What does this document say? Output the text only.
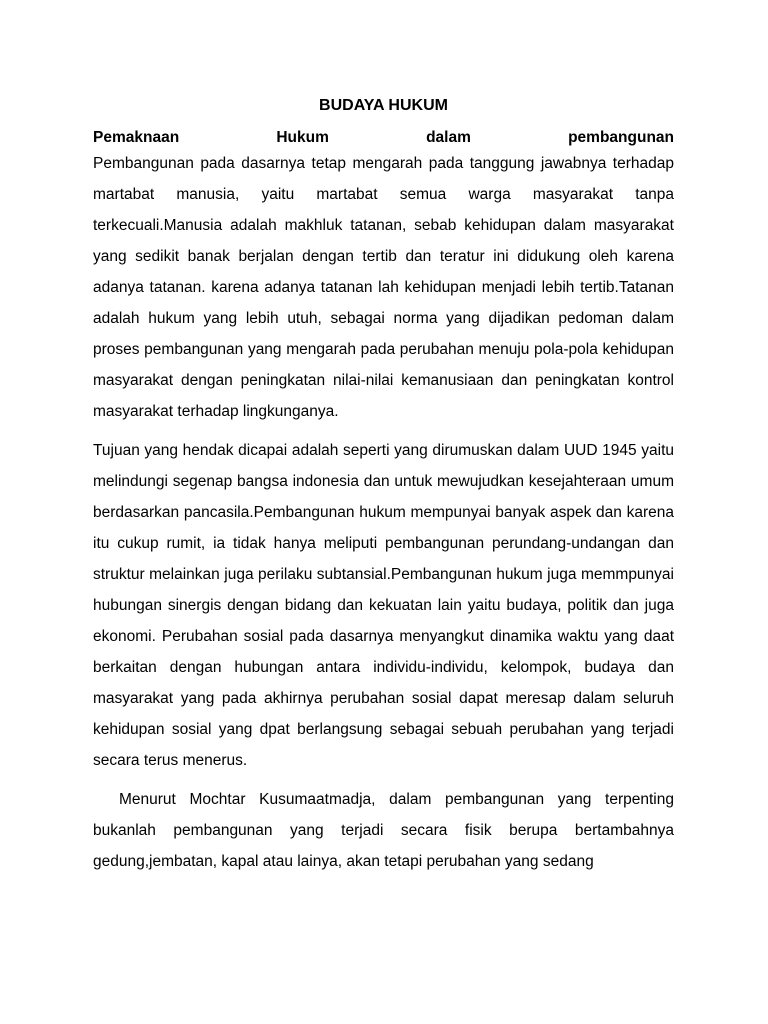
BUDAYA HUKUM

Pemaknaan Hukum dalam pembangunan

Pembangunan pada dasarnya tetap mengarah pada tanggung jawabnya terhadap martabat manusia, yaitu martabat semua warga masyarakat tanpa terkecuali.Manusia adalah makhluk tatanan, sebab kehidupan dalam masyarakat yang sedikit banak berjalan dengan tertib dan teratur ini didukung oleh karena adanya tatanan. karena adanya tatanan lah kehidupan menjadi lebih tertib.Tatanan adalah hukum yang lebih utuh, sebagai norma yang dijadikan pedoman dalam proses pembangunan yang mengarah pada perubahan menuju pola-pola kehidupan masyarakat dengan peningkatan nilai-nilai kemanusiaan dan peningkatan kontrol masyarakat terhadap lingkunganya.

Tujuan yang hendak dicapai adalah seperti yang dirumuskan dalam UUD 1945 yaitu melindungi segenap bangsa indonesia dan untuk mewujudkan kesejahteraan umum berdasarkan pancasila.Pembangunan hukum mempunyai banyak aspek dan karena itu cukup rumit, ia tidak hanya meliputi pembangunan perundang-undangan dan struktur melainkan juga perilaku subtansial.Pembangunan hukum juga memmpunyai hubungan sinergis dengan bidang dan kekuatan lain yaitu budaya, politik dan juga ekonomi. Perubahan sosial pada dasarnya menyangkut dinamika waktu yang daat berkaitan dengan hubungan antara individu-individu, kelompok, budaya dan masyarakat yang pada akhirnya perubahan sosial dapat meresap dalam seluruh kehidupan sosial yang dpat berlangsung sebagai sebuah perubahan yang terjadi secara terus menerus.

Menurut Mochtar Kusumaatmadja, dalam pembangunan yang terpenting bukanlah pembangunan yang terjadi secara fisik berupa bertambahnya gedung,jembatan, kapal atau lainya, akan tetapi perubahan yang sedang
